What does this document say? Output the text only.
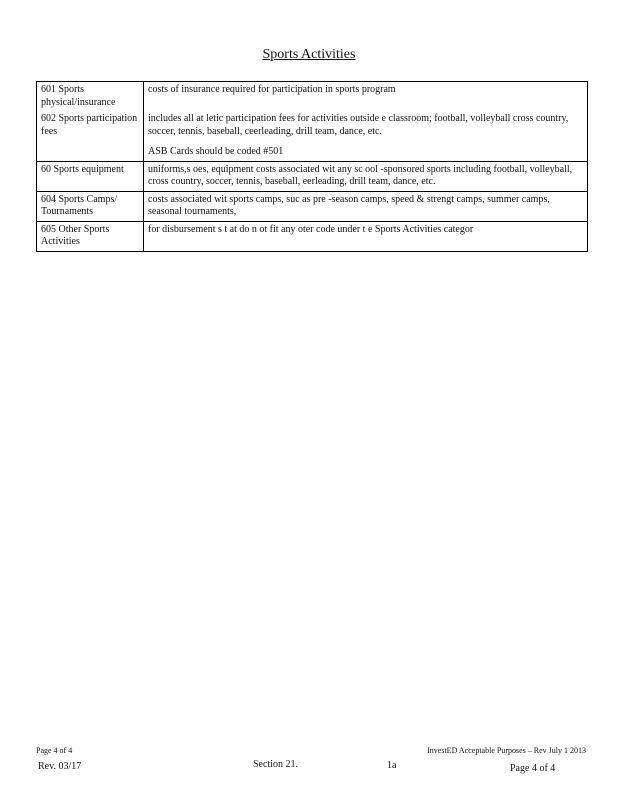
Sports Activities
601 Sports physical/insurance	costs of insurance required for participation in sports program
602 Sports participation fees	includes all at letic participation fees for activities outside e classroom; football, volleyball cross country, soccer, tennis, baseball, ceerleading, drill team, dance, etc.
ASB Cards should be coded #501

60 Sports equipment	uniforms,s oes, equipment costs associated wit any sc ool -sponsored sports including football, volleyball, cross country, soccer, tennis, baseball, eerleading, drill team, dance, etc.
604 Sports Camps/ Tournaments	costs associated wit sports camps, suc as pre -season camps, speed & strengt camps, summer camps, seasonal tournaments,
605 Other Sports Activities	for disbursement s t at do n ot fit any oter code under t e Sports Activities categor
Page 4 of 4	InvestED Acceptable Purposes – Rev July 1 2013
Rev. 03/17	Section 21.	1a	Page 4 of 4
